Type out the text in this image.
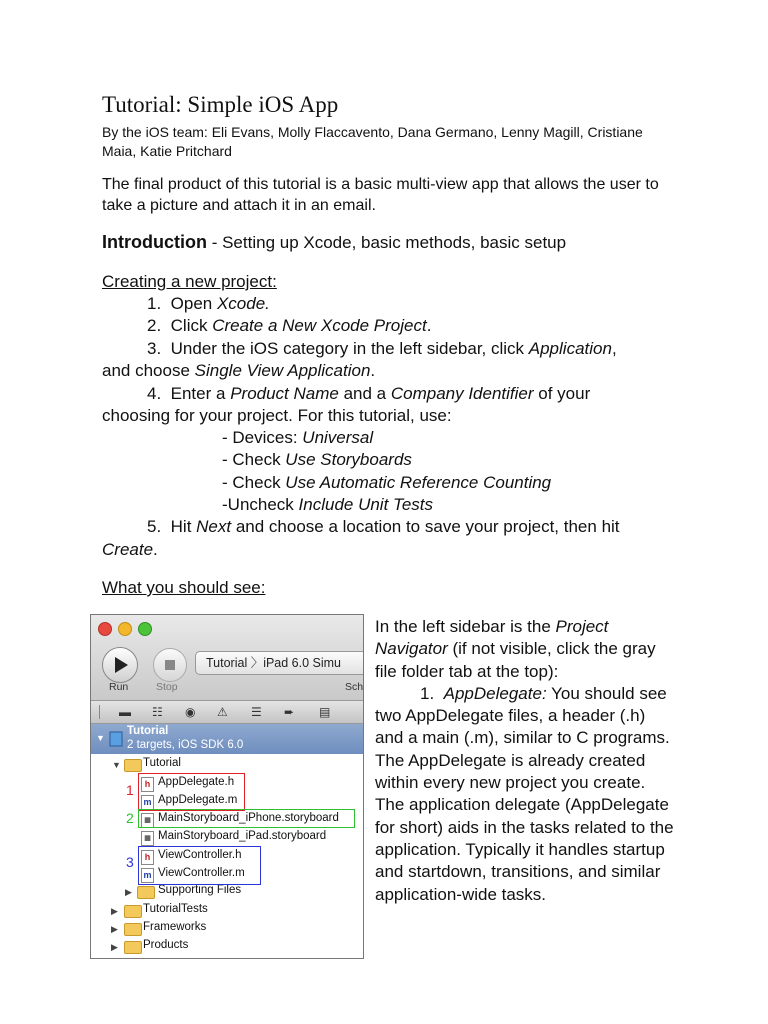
Tutorial: Simple iOS App
By the iOS team: Eli Evans, Molly Flaccavento, Dana Germano, Lenny Magill, Cristiane Maia, Katie Pritchard
The final product of this tutorial is a basic multi-view app that allows the user to take a picture and attach it in an email.
Introduction - Setting up Xcode, basic methods, basic setup
Creating a new project:
1. Open Xcode.
2. Click Create a New Xcode Project.
3. Under the iOS category in the left sidebar, click Application,
and choose Single View Application.
4. Enter a Product Name and a Company Identifier of your
choosing for your project. For this tutorial, use:
- Devices: Universal
- Check Use Storyboards
- Check Use Automatic Reference Counting
-Uncheck Include Unit Tests
5. Hit Next and choose a location to save your project, then hit
Create.
What you should see:
Tutorial 〉iPad 6.0 Simu
Run	Stop	Sch
▬ ☷ ◉ ⚠ ☰ ➨ ▤
▼
Tutorial
2 targets, iOS SDK 6.0
▼ Tutorial
h AppDelegate.h
m AppDelegate.m
▦ MainStoryboard_iPhone.storyboard
▦ MainStoryboard_iPad.storyboard
h ViewController.h
m ViewController.m
▶ Supporting Files
▶ TutorialTests
▶ Frameworks
▶ Products
1
2
3
In the left sidebar is the Project Navigator (if not visible, click the gray file folder tab at the top):
1. AppDelegate: You should see two AppDelegate files, a header (.h) and a main (.m), similar to C programs. The AppDelegate is already created within every new project you create. The application delegate (AppDelegate for short) aids in the tasks related to the application. Typically it handles startup and startdown, transitions, and similar application-wide tasks.
